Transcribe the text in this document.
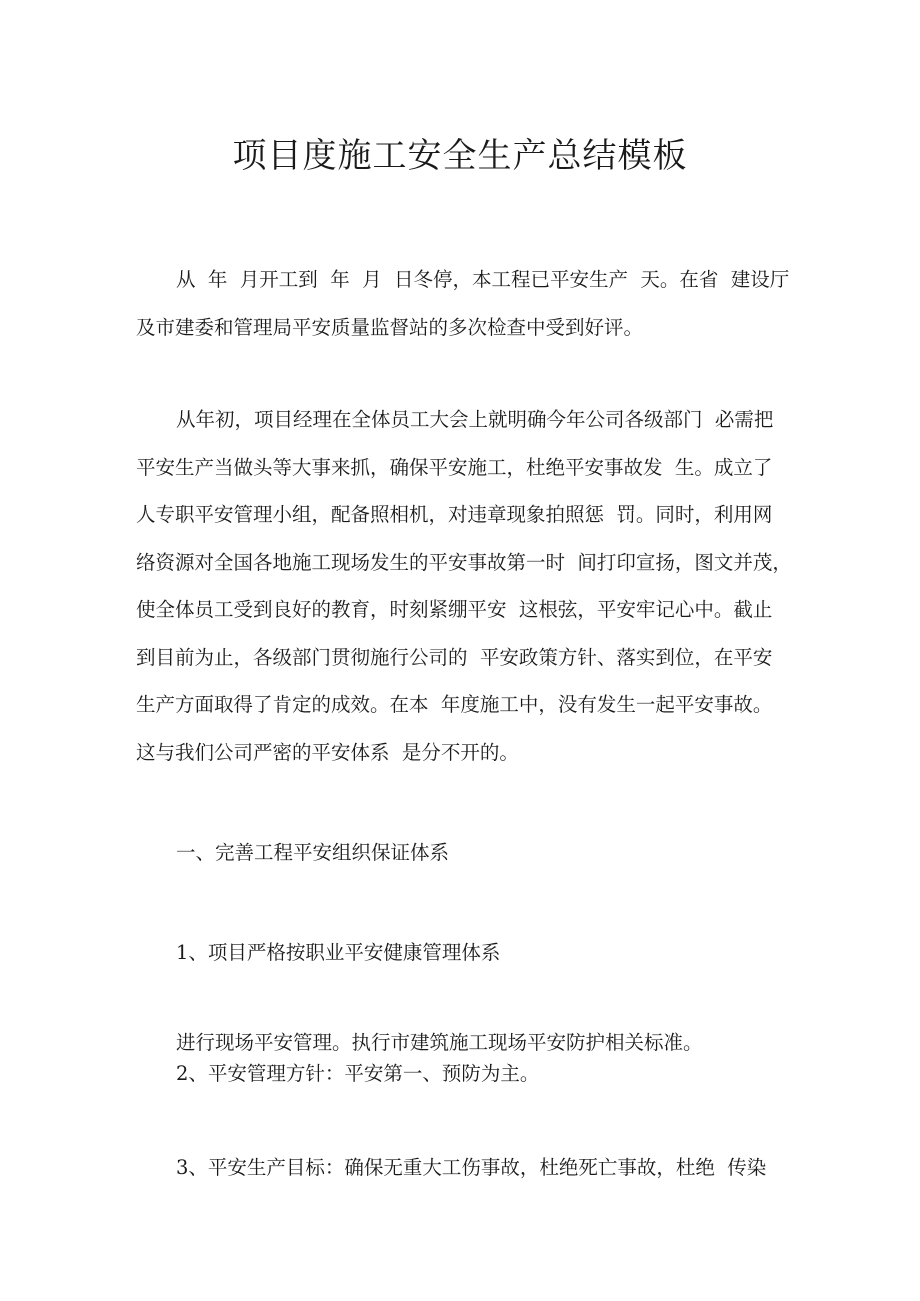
项目度施工安全生产总结模板
从  年  月开工到  年  月  日冬停，本工程已平安生产  天。在省  建设厅
及市建委和管理局平安质量监督站的多次检查中受到好评。
从年初，项目经理在全体员工大会上就明确今年公司各级部门  必需把
平安生产当做头等大事来抓，确保平安施工，杜绝平安事故发  生。成立了
人专职平安管理小组，配备照相机，对违章现象拍照惩  罚。同时，利用网
络资源对全国各地施工现场发生的平安事故第一时  间打印宣扬，图文并茂，
使全体员工受到良好的教育，时刻紧绷平安  这根弦，平安牢记心中。截止
到目前为止，各级部门贯彻施行公司的  平安政策方针、落实到位，在平安
生产方面取得了肯定的成效。在本  年度施工中，没有发生一起平安事故。
这与我们公司严密的平安体系  是分不开的。

一、完善工程平安组织保证体系

1、项目严格按职业平安健康管理体系

进行现场平安管理。执行市建筑施工现场平安防护相关标准。

2、平安管理方针：平安第一、预防为主。

3、平安生产目标：确保无重大工伤事故，杜绝死亡事故，杜绝  传染
